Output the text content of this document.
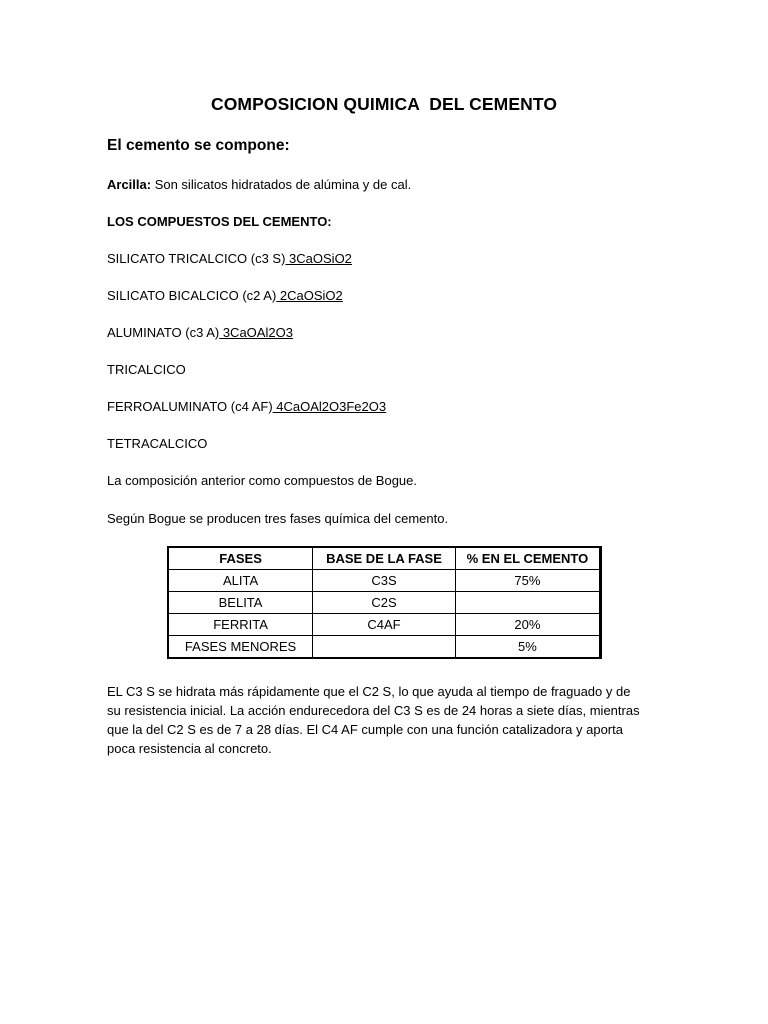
COMPOSICION QUIMICA  DEL CEMENTO
El cemento se compone:
Arcilla: Son silicatos hidratados de alúmina y de cal.
LOS COMPUESTOS DEL CEMENTO:
SILICATO TRICALCICO (c3 S) 3CaOSiO2
SILICATO BICALCICO (c2 A) 2CaOSiO2
ALUMINATO (c3 A) 3CaOAl2O3
TRICALCICO
FERROALUMINATO (c4 AF) 4CaOAl2O3Fe2O3
TETRACALCICO
La composición anterior como compuestos de Bogue.
Según Bogue se producen tres fases química del cemento.
FASES	BASE DE LA FASE	% EN EL CEMENTO
ALITA	C3S	75%
BELITA	C2S	
FERRITA	C4AF	20%
FASES MENORES		5%
EL C3 S se hidrata más rápidamente que el C2 S, lo que ayuda al tiempo de fraguado y de
su resistencia inicial. La acción endurecedora del C3 S es de 24 horas a siete días, mientras
que la del C2 S es de 7 a 28 días. El C4 AF cumple con una función catalizadora y aporta
poca resistencia al concreto.
